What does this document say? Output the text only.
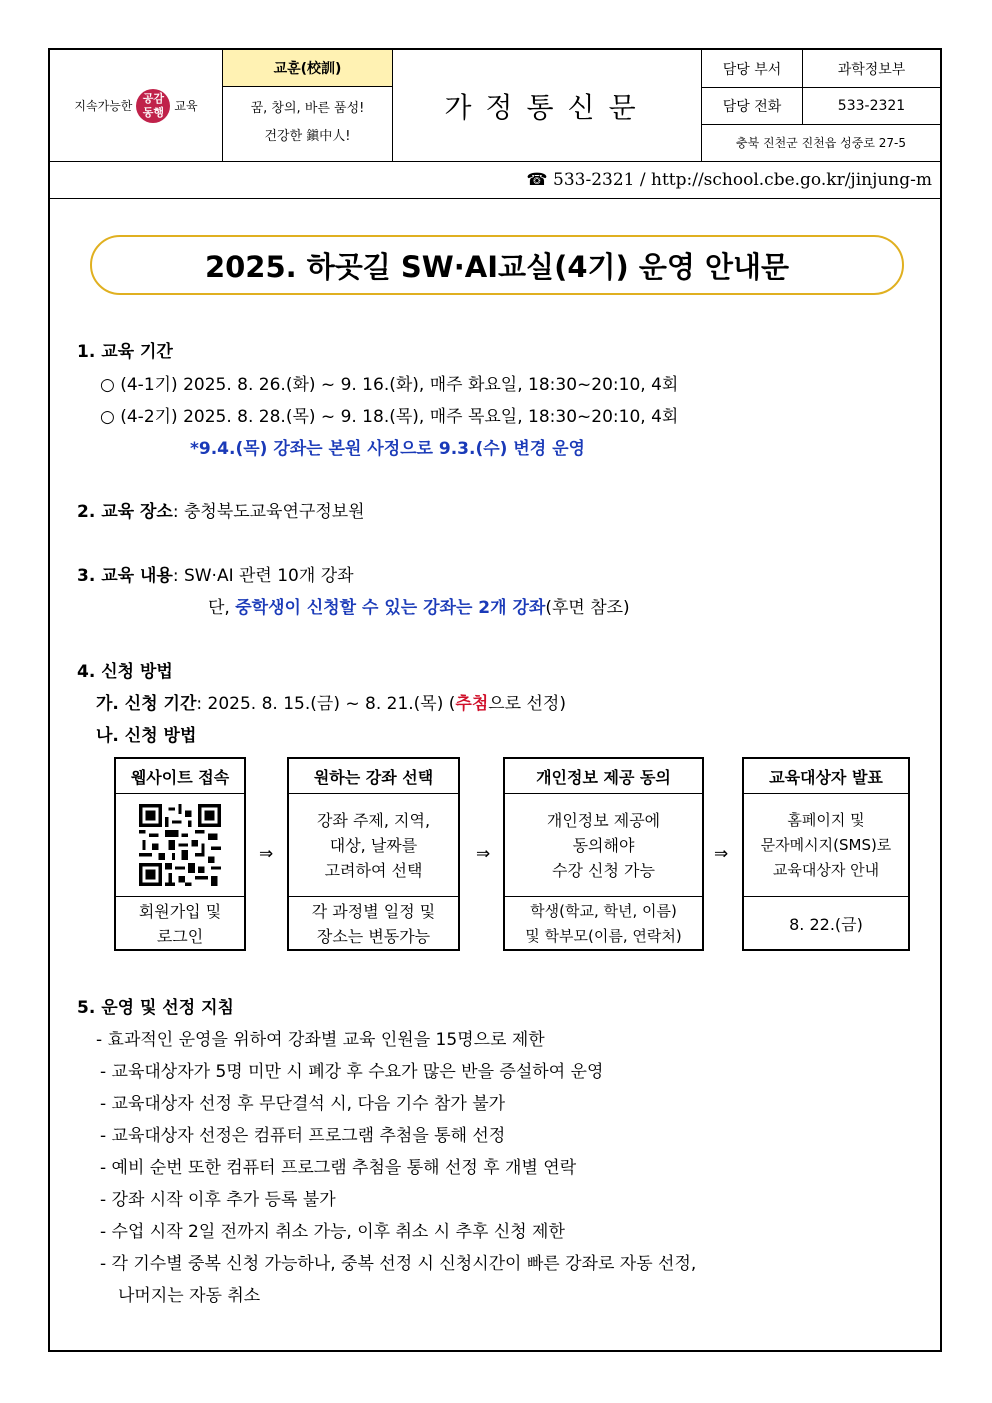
지속가능한
공감
동행 교육
교훈(校訓)
꿈, 창의, 바른 품성!
건강한 鎭中人!
가정통신문
담당 부서	과학정보부
담당 전화	533-2321
충북 진천군 진천읍 성중로 27-5
☎ 533-2321 / http://school.cbe.go.kr/jinjung-m
2025. 하곳길 SW·AI교실(4기) 운영 안내문
1. 교육 기간
○ (4-1기) 2025. 8. 26.(화) ~ 9. 16.(화), 매주 화요일, 18:30~20:10, 4회
○ (4-2기) 2025. 8. 28.(목) ~ 9. 18.(목), 매주 목요일, 18:30~20:10, 4회
*9.4.(목) 강좌는 본원 사정으로 9.3.(수) 변경 운영
2. 교육 장소: 충청북도교육연구정보원
3. 교육 내용: SW·AI 관련 10개 강좌
단, 중학생이 신청할 수 있는 강좌는 2개 강좌(후면 참조)
4. 신청 방법
가. 신청 기간: 2025. 8. 15.(금) ~ 8. 21.(목) (추첨으로 선정)
나. 신청 방법
웹사이트 접속
회원가입 및
로그인
⇒
원하는 강좌 선택
강좌 주제, 지역,
대상, 날짜를
고려하여 선택
각 과정별 일정 및
장소는 변동가능
⇒
개인정보 제공 동의
개인정보 제공에
동의해야
수강 신청 가능
학생(학교, 학년, 이름)
및 학부모(이름, 연락처)
⇒
교육대상자 발표
홈페이지 및
문자메시지(SMS)로
교육대상자 안내
8. 22.(금)
5. 운영 및 선정 지침
- 효과적인 운영을 위하여 강좌별 교육 인원을 15명으로 제한
- 교육대상자가 5명 미만 시 폐강 후 수요가 많은 반을 증설하여 운영
- 교육대상자 선정 후 무단결석 시, 다음 기수 참가 불가
- 교육대상자 선정은 컴퓨터 프로그램 추첨을 통해 선정
- 예비 순번 또한 컴퓨터 프로그램 추첨을 통해 선정 후 개별 연락
- 강좌 시작 이후 추가 등록 불가
- 수업 시작 2일 전까지 취소 가능, 이후 취소 시 추후 신청 제한
- 각 기수별 중복 신청 가능하나, 중복 선정 시 신청시간이 빠른 강좌로 자동 선정,
나머지는 자동 취소
